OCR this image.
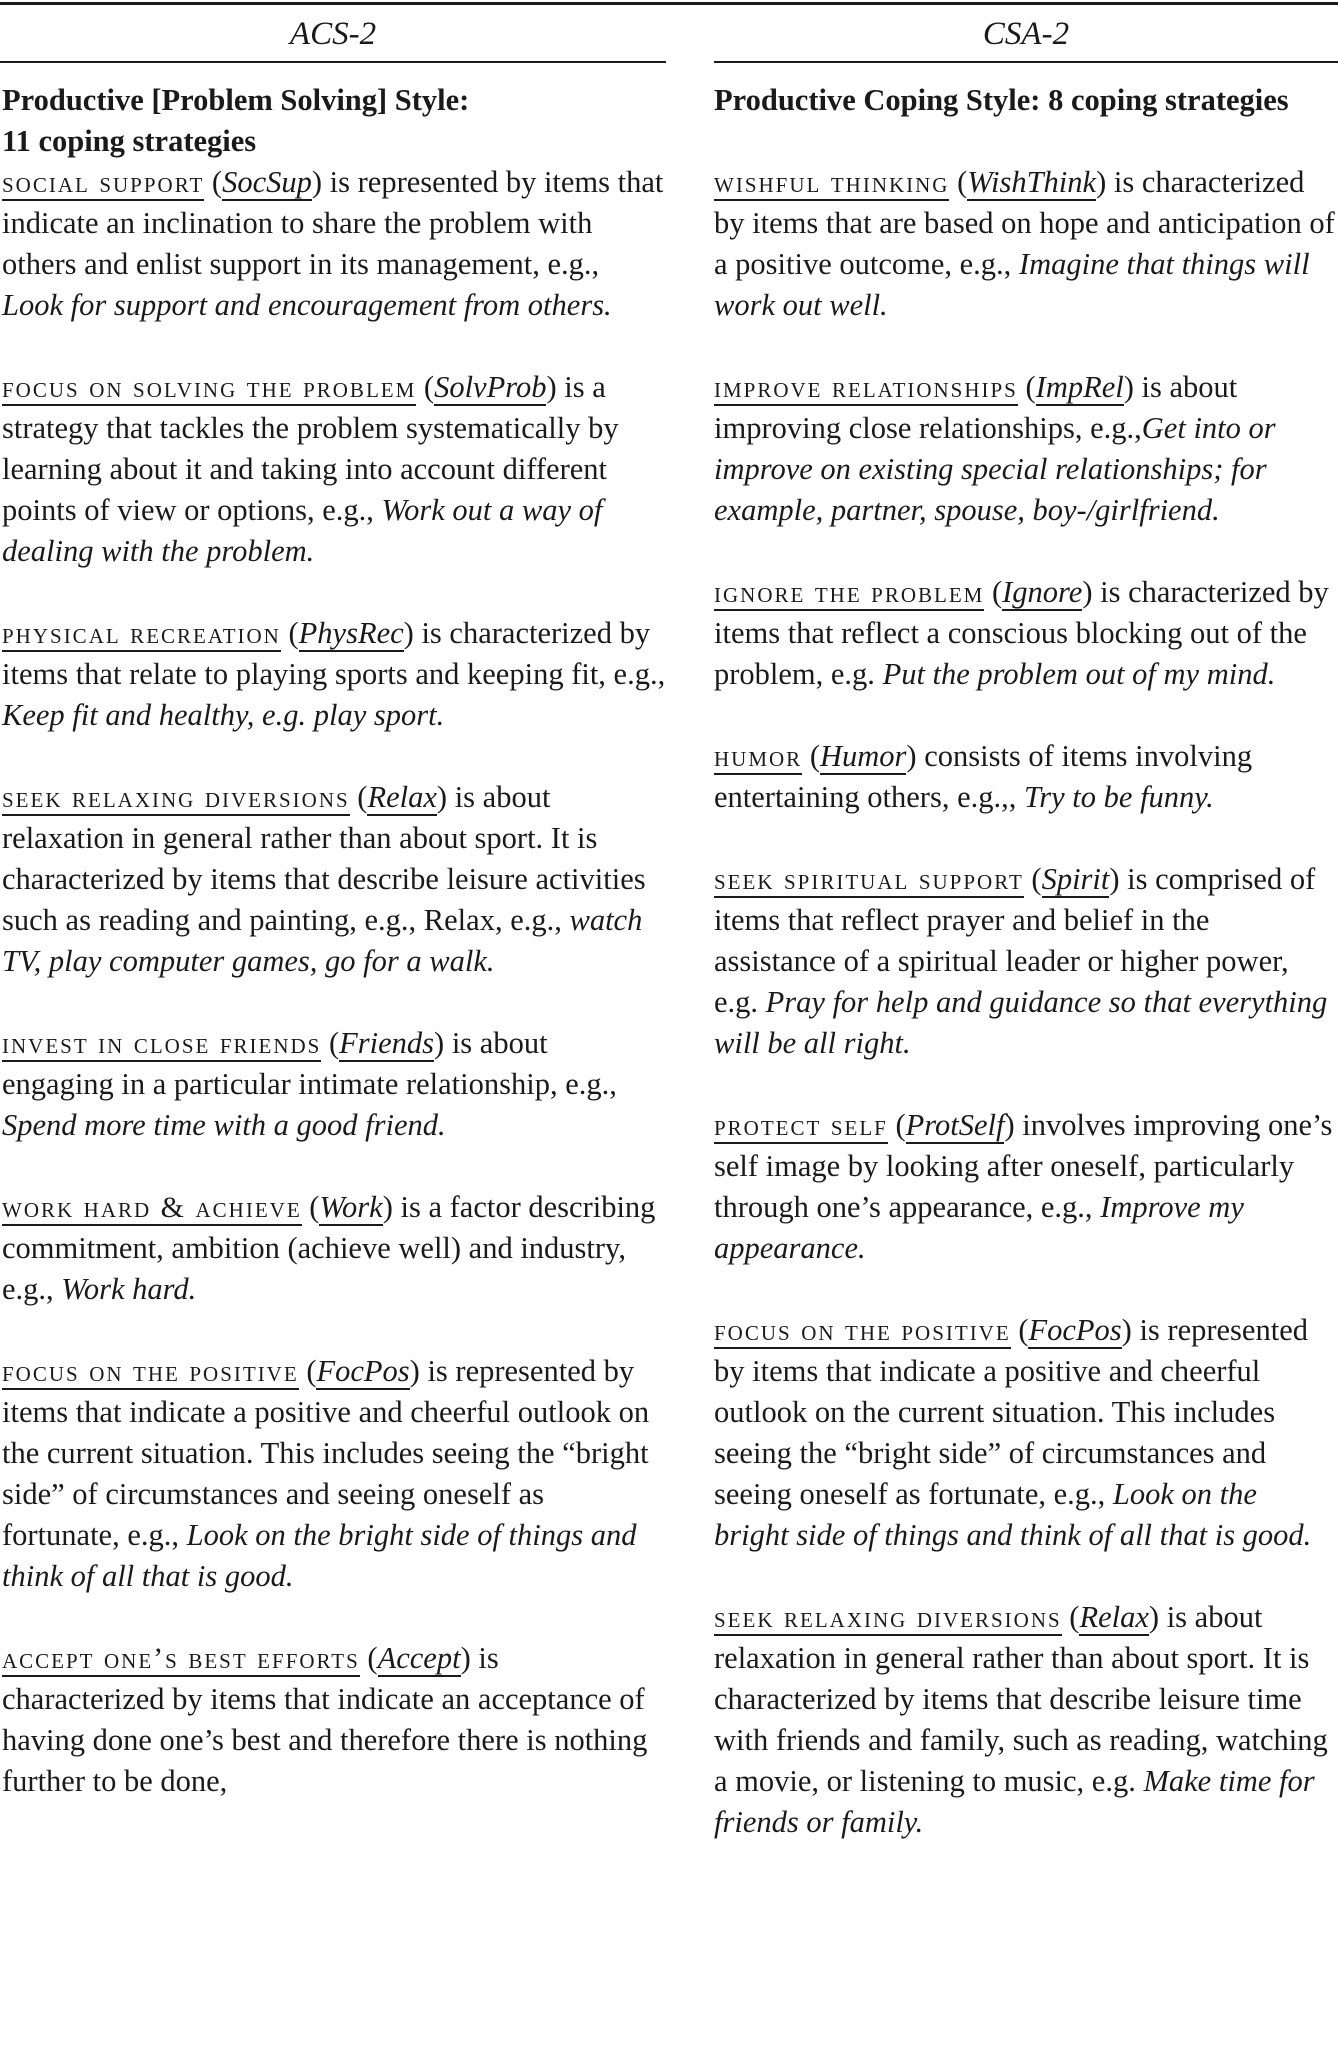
ACS-2	CSA-2
Productive [Problem Solving] Style:
11 coping strategies
social support (SocSup) is represented by items that indicate an inclination to share the problem with others and enlist support in its management, e.g., Look for support and encouragement from others.
focus on solving the problem (SolvProb) is a strategy that tackles the problem systematically by learning about it and taking into account different points of view or options, e.g., Work out a way of dealing with the problem.
physical recreation (PhysRec) is characterized by items that relate to playing sports and keeping fit, e.g., Keep fit and healthy, e.g. play sport.
seek relaxing diversions (Relax) is about relaxation in general rather than about sport. It is characterized by items that describe leisure activities such as reading and painting, e.g., Relax, e.g., watch TV, play computer games, go for a walk.
invest in close friends (Friends) is about engaging in a particular intimate relationship, e.g., Spend more time with a good friend.
work hard & achieve (Work) is a factor describing commitment, ambition (achieve well) and industry, e.g., Work hard.
focus on the positive (FocPos) is represented by items that indicate a positive and cheerful outlook on the current situation. This includes seeing the “bright side” of circumstances and seeing oneself as fortunate, e.g., Look on the bright side of things and think of all that is good.
accept one’s best efforts (Accept) is characterized by items that indicate an acceptance of having done one’s best and therefore there is nothing further to be done,
Productive Coping Style: 8 coping strategies
wishful thinking (WishThink) is characterized by items that are based on hope and anticipation of a positive outcome, e.g., Imagine that things will work out well.
improve relationships (ImpRel) is about improving close relationships, e.g.,Get into or improve on existing special relationships; for example, partner, spouse, boy-/girlfriend.
ignore the problem (Ignore) is characterized by items that reflect a conscious blocking out of the problem, e.g. Put the problem out of my mind.
humor (Humor) consists of items involving entertaining others, e.g.,, Try to be funny.
seek spiritual support (Spirit) is comprised of items that reflect prayer and belief in the assistance of a spiritual leader or higher power, e.g. Pray for help and guidance so that everything will be all right.
protect self (ProtSelf) involves improving one’s self image by looking after oneself, particularly through one’s appearance, e.g., Improve my appearance.
focus on the positive (FocPos) is represented by items that indicate a positive and cheerful outlook on the current situation. This includes seeing the “bright side” of circumstances and seeing oneself as fortunate, e.g., Look on the bright side of things and think of all that is good.
seek relaxing diversions (Relax) is about relaxation in general rather than about sport. It is characterized by items that describe leisure time with friends and family, such as reading, watching a movie, or listening to music, e.g. Make time for friends or family.
